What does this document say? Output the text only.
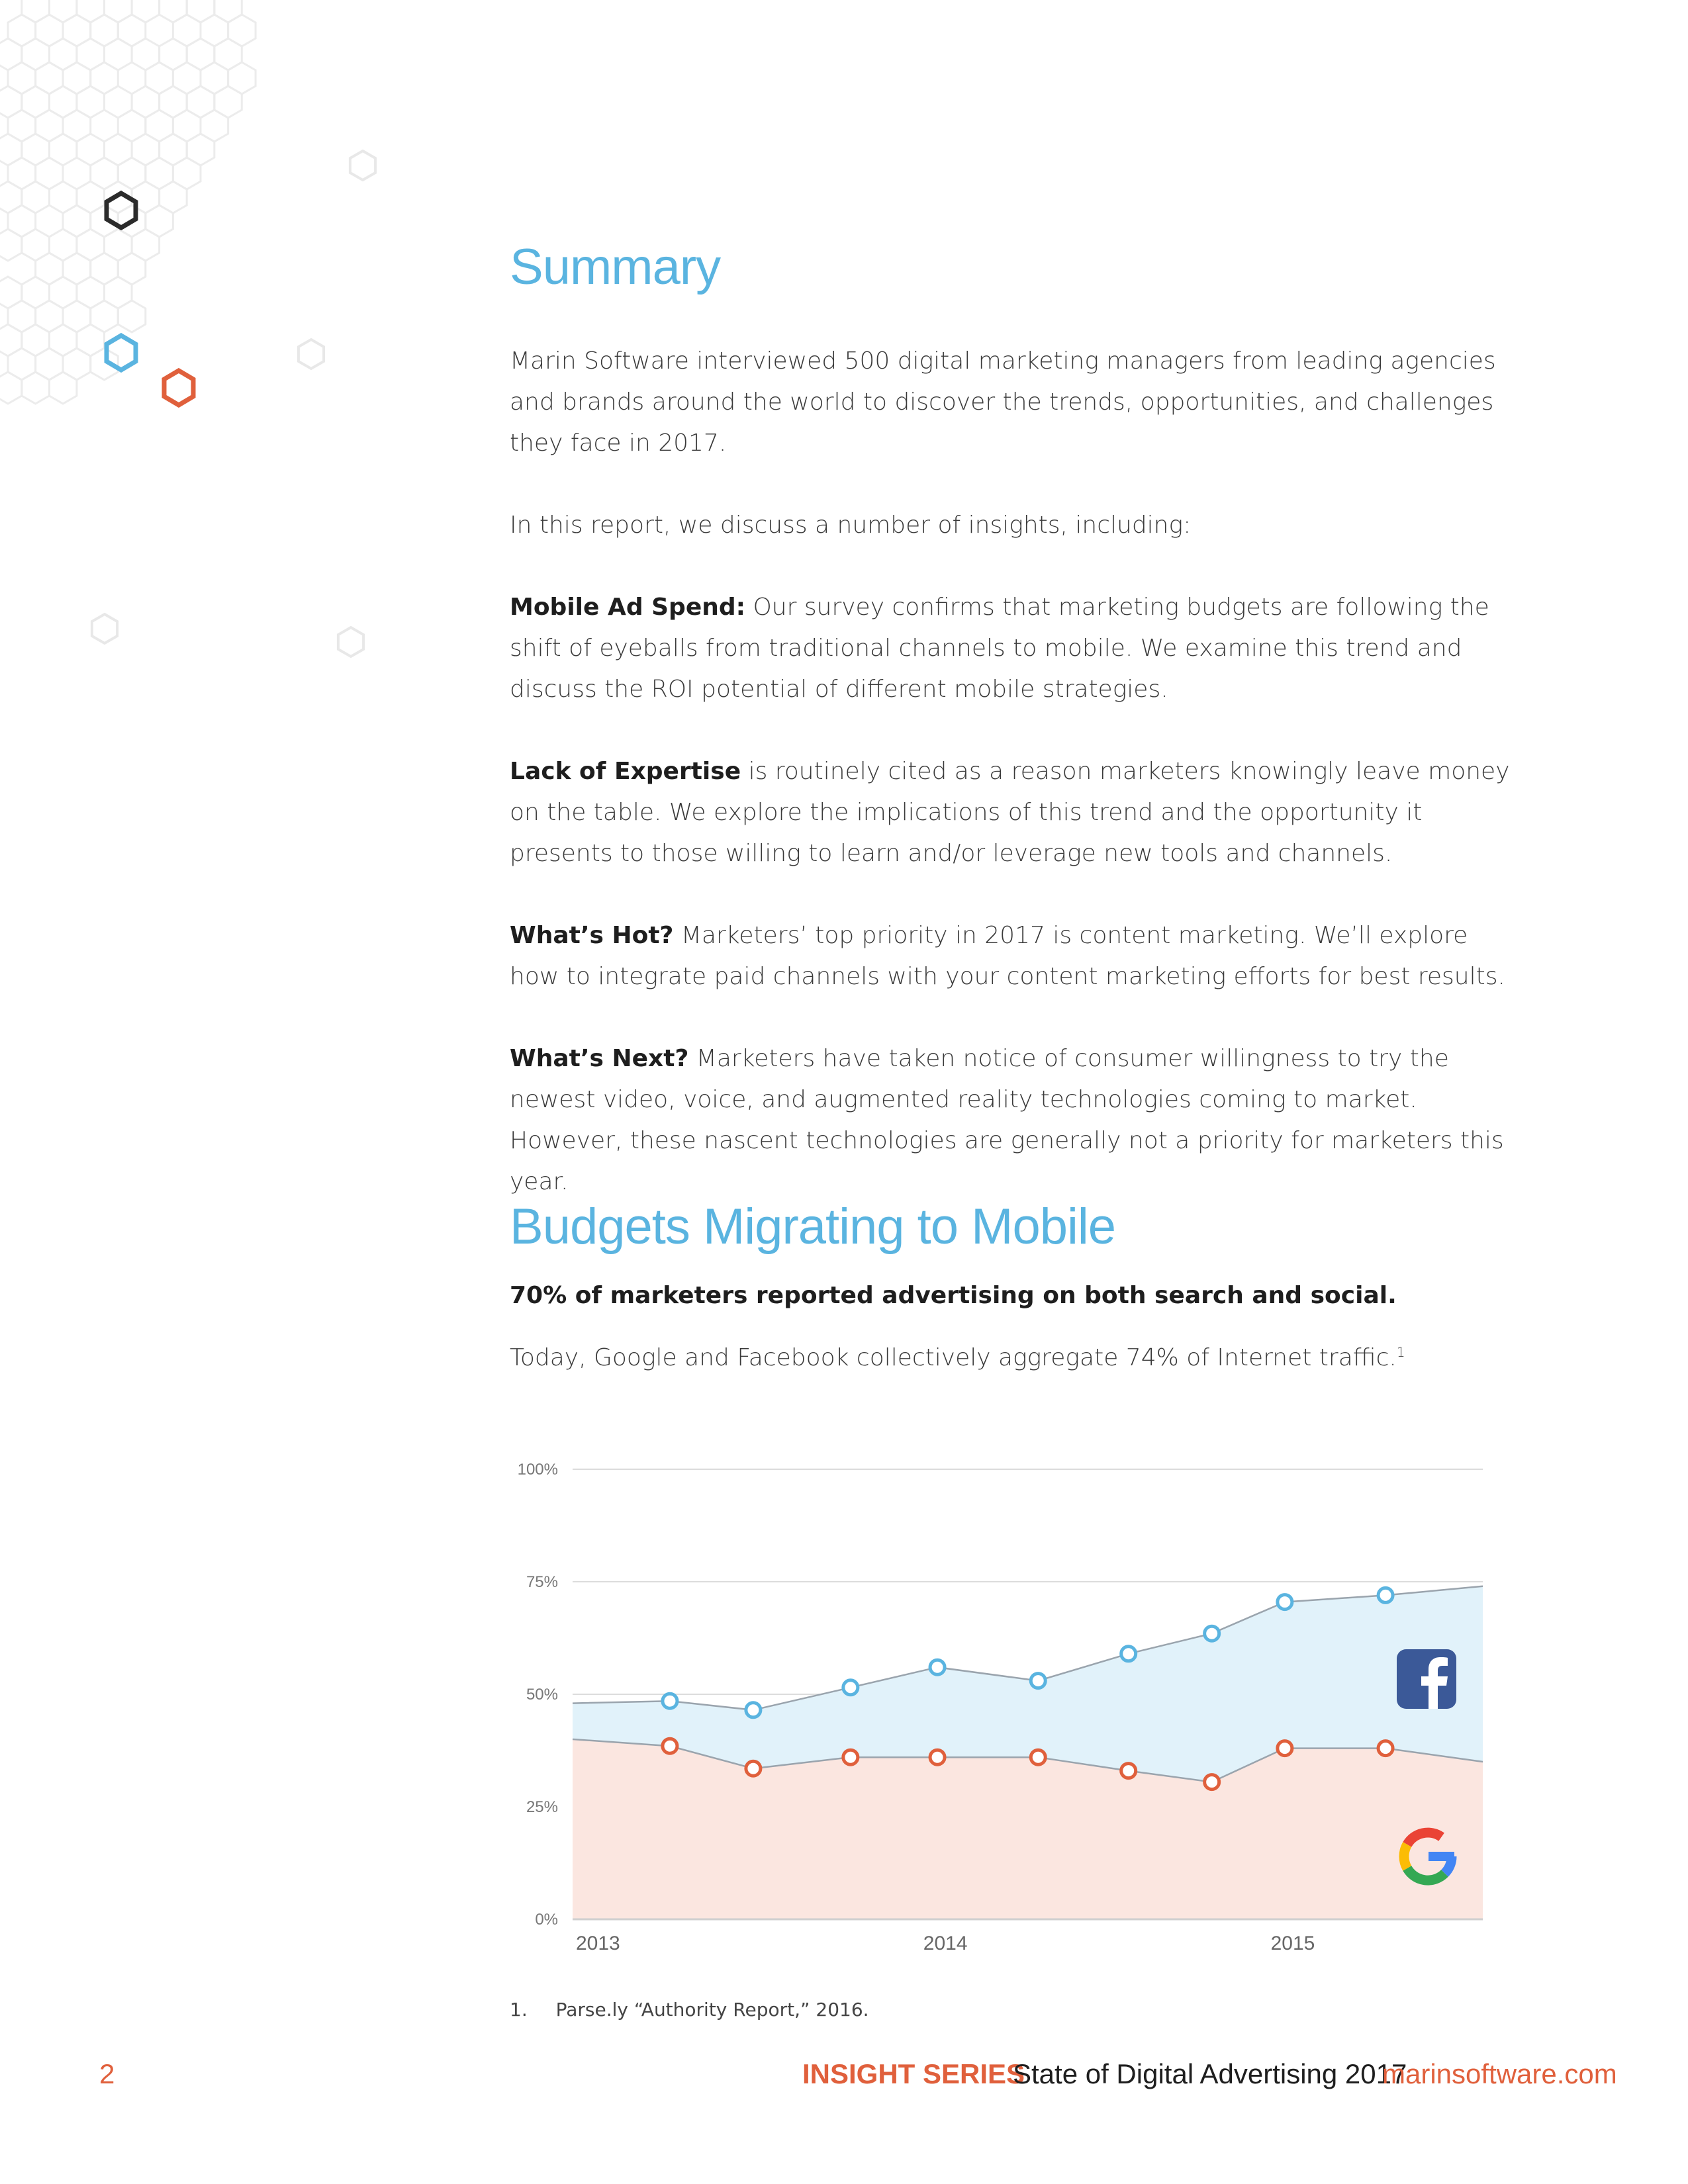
Summary

Marin Software interviewed 500 digital marketing managers from leading agencies and brands around the world to discover the trends, opportunities, and challenges they face in 2017.

In this report, we discuss a number of insights, including:

Mobile Ad Spend: Our survey confirms that marketing budgets are following the shift of eyeballs from traditional channels to mobile. We examine this trend and discuss the ROI potential of different mobile strategies.

Lack of Expertise is routinely cited as a reason marketers knowingly leave money on the table. We explore the implications of this trend and the opportunity it presents to those willing to learn and/or leverage new tools and channels.

What’s Hot? Marketers’ top priority in 2017 is content marketing. We’ll explore how to integrate paid channels with your content marketing efforts for best results.

What’s Next? Marketers have taken notice of consumer willingness to try the newest video, voice, and augmented reality technologies coming to market. However, these nascent technologies are generally not a priority for marketers this year.

Budgets Migrating to Mobile

70% of marketers reported advertising on both search and social.

Today, Google and Facebook collectively aggregate 74% of Internet traffic.$^1$

0%
25%
50%
75%
100%
2013	2014	2015
1. Parse.ly “Authority Report,” 2016.
2	INSIGHT SERIES
State of Digital Advertising 2017
marinsoftware.com
